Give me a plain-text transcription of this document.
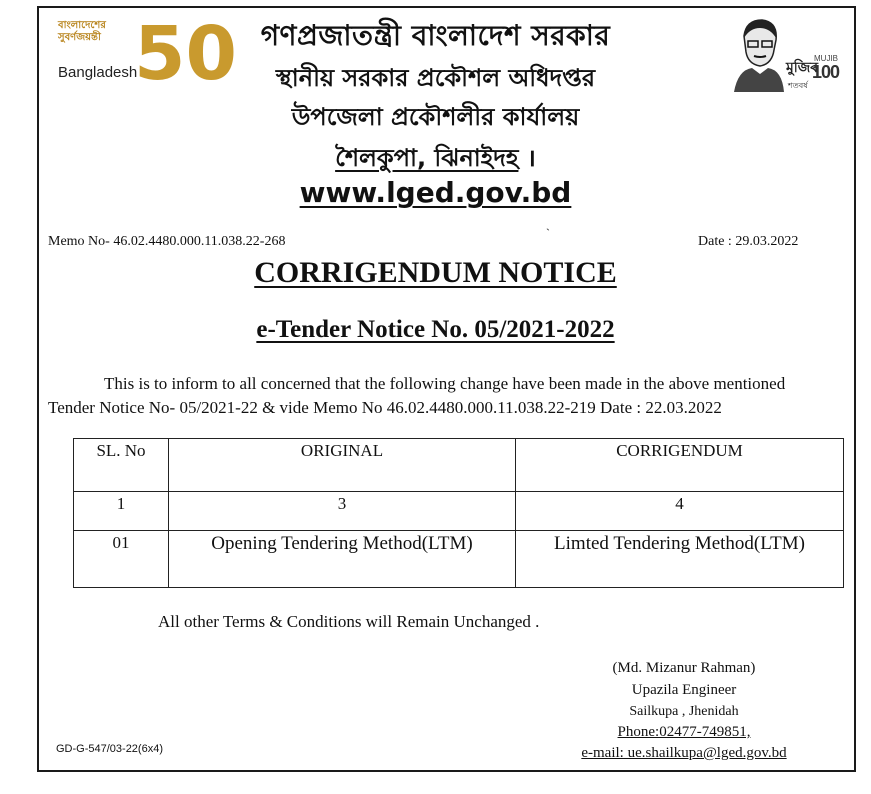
বাংলাদেশের সুবর্ণজয়ন্তী
Bangladesh
50	মুজিব
MUJIB
100
শতবর্ষ
গণপ্রজাতন্ত্রী বাংলাদেশ সরকার
স্থানীয় সরকার প্রকৌশল অধিদপ্তর
উপজেলা প্রকৌশলীর কার্যালয়
শৈলকুপা, ঝিনাইদহ ।
www.lged.gov.bd
Memo No- 46.02.4480.000.11.038.22-268
`
Date : 29.03.2022
CORRIGENDUM NOTICE
e-Tender Notice No. 05/2021-2022
This is to inform to all concerned that the following change have been made in the above mentioned
Tender Notice No- 05/2021-22 & vide Memo No 46.02.4480.000.11.038.22-219 Date : 22.03.2022
SL. No	ORIGINAL	CORRIGENDUM
1	3	4
01	Opening Tendering Method(LTM)	Limted Tendering Method(LTM)
All other Terms & Conditions will Remain Unchanged .
(Md. Mizanur Rahman)
Upazila Engineer
Sailkupa , Jhenidah
Phone:02477-749851,
e-mail: ue.shailkupa@lged.gov.bd
GD-G-547/03-22(6x4)
